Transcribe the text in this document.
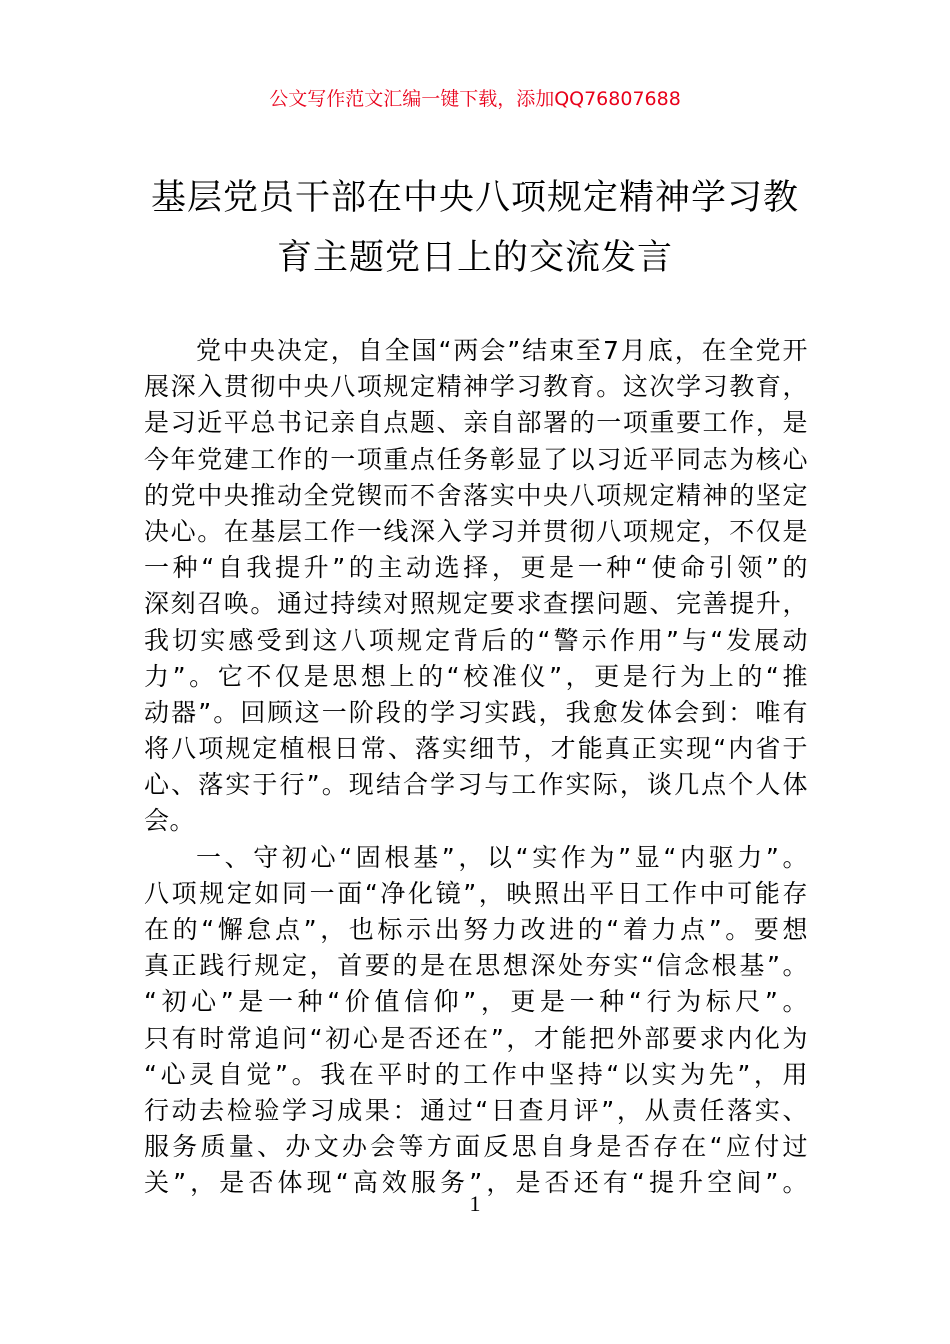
公文写作范文汇编一键下载，添加QQ76807688
基层党员干部在中央八项规定精神学习教
育主题党日上的交流发言
党中央决定，自全国“两会”结束至7月底，在全党开
展深入贯彻中央八项规定精神学习教育。这次学习教育，
是习近平总书记亲自点题、亲自部署的一项重要工作，是
今年党建工作的一项重点任务彰显了以习近平同志为核心
的党中央推动全党锲而不舍落实中央八项规定精神的坚定
决心。在基层工作一线深入学习并贯彻八项规定，不仅是
一种“自我提升”的主动选择，更是一种“使命引领”的
深刻召唤。通过持续对照规定要求查摆问题、完善提升，
我切实感受到这八项规定背后的“警示作用”与“发展动
力”。它不仅是思想上的“校准仪”，更是行为上的“推
动器”。回顾这一阶段的学习实践，我愈发体会到：唯有
将八项规定植根日常、落实细节，才能真正实现“内省于
心、落实于行”。现结合学习与工作实际，谈几点个人体
会。
一、守初心“固根基”，以“实作为”显“内驱力”。
八项规定如同一面“净化镜”，映照出平日工作中可能存
在的“懈怠点”，也标示出努力改进的“着力点”。要想
真正践行规定，首要的是在思想深处夯实“信念根基”。
“初心”是一种“价值信仰”，更是一种“行为标尺”。
只有时常追问“初心是否还在”，才能把外部要求内化为
“心灵自觉”。我在平时的工作中坚持“以实为先”，用
行动去检验学习成果：通过“日查月评”，从责任落实、
服务质量、办文办会等方面反思自身是否存在“应付过
关”，是否体现“高效服务”，是否还有“提升空间”。
1
